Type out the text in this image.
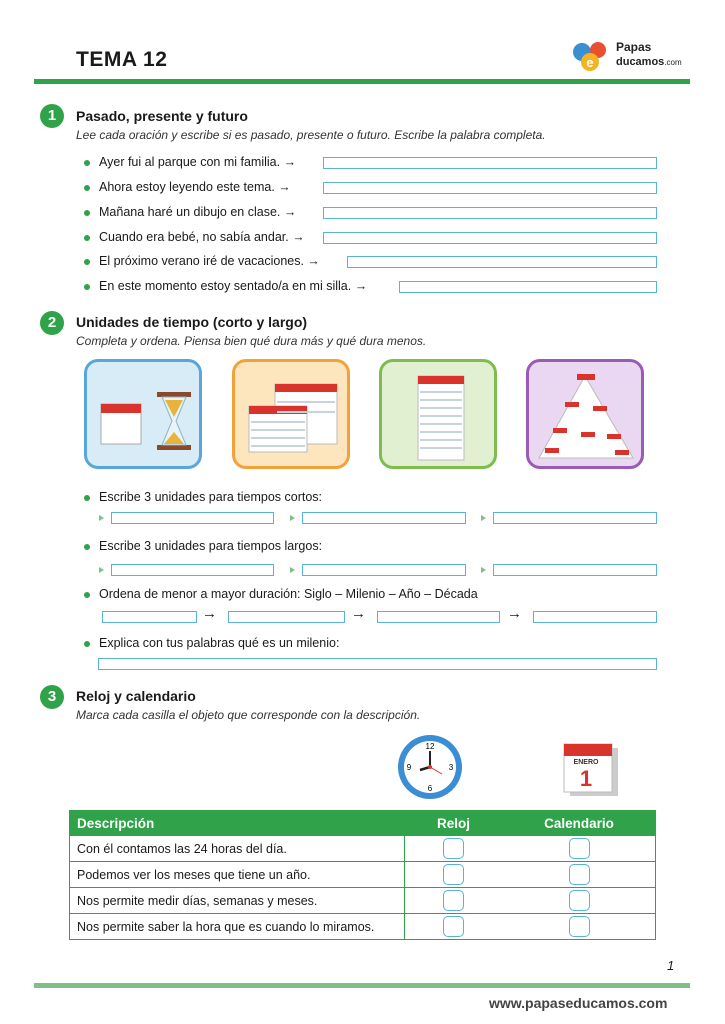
TEMA 12	e
Papas
ducamos.com
1	Pasado, presente y futuro
Lee cada oración y escribe si es pasado, presente o futuro. Escribe la palabra completa.
Ayer fui al parque con mi familia. →
Ahora estoy leyendo este tema. →
Mañana haré un dibujo en clase. →
Cuando era bebé, no sabía andar. →
El próximo verano iré de vacaciones. →
En este momento estoy sentado/a en mi silla. →
2	Unidades de tiempo (corto y largo)
Completa y ordena. Piensa bien qué dura más y qué dura menos.
Escribe 3 unidades para tiempos cortos:
Escribe 3 unidades para tiempos largos:
Ordena de menor a mayor duración: Siglo – Milenio – Año – Década
→	→	→
Explica con tus palabras qué es un milenio:
3	Reloj y calendario
Marca cada casilla el objeto que corresponde con la descripción.
12
3
6
9
ENERO
1
Descripción	Reloj	Calendario
Con él contamos las 24 horas del día.	

Podemos ver los meses que tiene un año.	

Nos permite medir días, semanas y meses.	

Nos permite saber la hora que es cuando lo miramos.	

1
www.papaseducamos.com
